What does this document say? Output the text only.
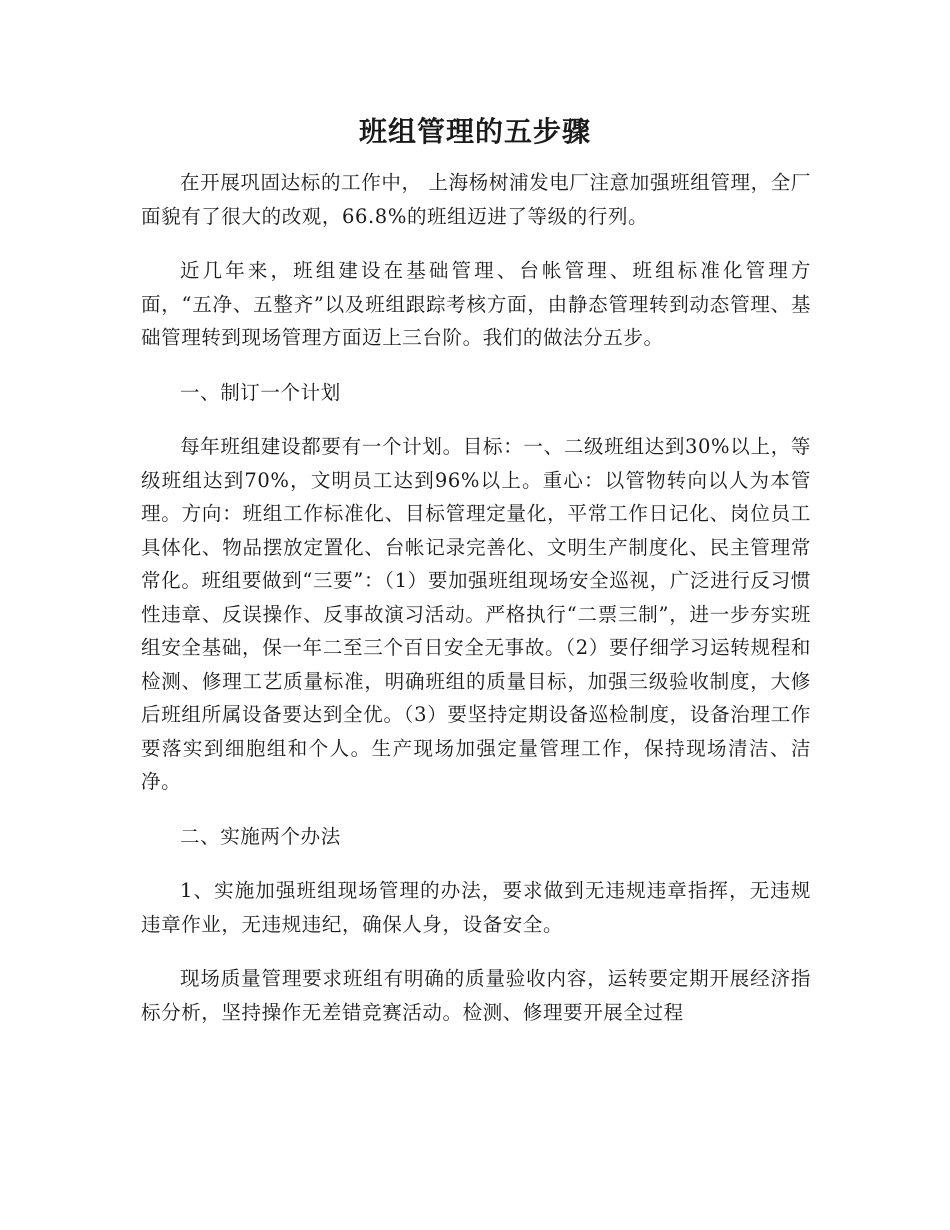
班组管理的五步骤

在开展巩固达标的工作中， 上海杨树浦发电厂注意加强班组管理，全厂面貌有了很大的改观，66.8%的班组迈进了等级的行列。

近几年来，班组建设在基础管理、台帐管理、班组标准化管理方面，“五净、五整齐”以及班组跟踪考核方面，由静态管理转到动态管理、基础管理转到现场管理方面迈上三台阶。我们的做法分五步。

一、制订一个计划

每年班组建设都要有一个计划。目标：一、二级班组达到30%以上，等级班组达到70%，文明员工达到96%以上。重心：以管物转向以人为本管理。方向：班组工作标准化、目标管理定量化，平常工作日记化、岗位员工具体化、物品摆放定置化、台帐记录完善化、文明生产制度化、民主管理常常化。班组要做到“三要”：（1）要加强班组现场安全巡视，广泛进行反习惯性违章、反误操作、反事故演习活动。严格执行“二票三制”，进一步夯实班组安全基础，保一年二至三个百日安全无事故。（2）要仔细学习运转规程和检测、修理工艺质量标准，明确班组的质量目标，加强三级验收制度，大修后班组所属设备要达到全优。（3）要坚持定期设备巡检制度，设备治理工作要落实到细胞组和个人。生产现场加强定量管理工作，保持现场清洁、洁净。

二、实施两个办法

1、实施加强班组现场管理的办法，要求做到无违规违章指挥，无违规违章作业，无违规违纪，确保人身，设备安全。

现场质量管理要求班组有明确的质量验收内容，运转要定期开展经济指标分析，坚持操作无差错竞赛活动。检测、修理要开展全过程
